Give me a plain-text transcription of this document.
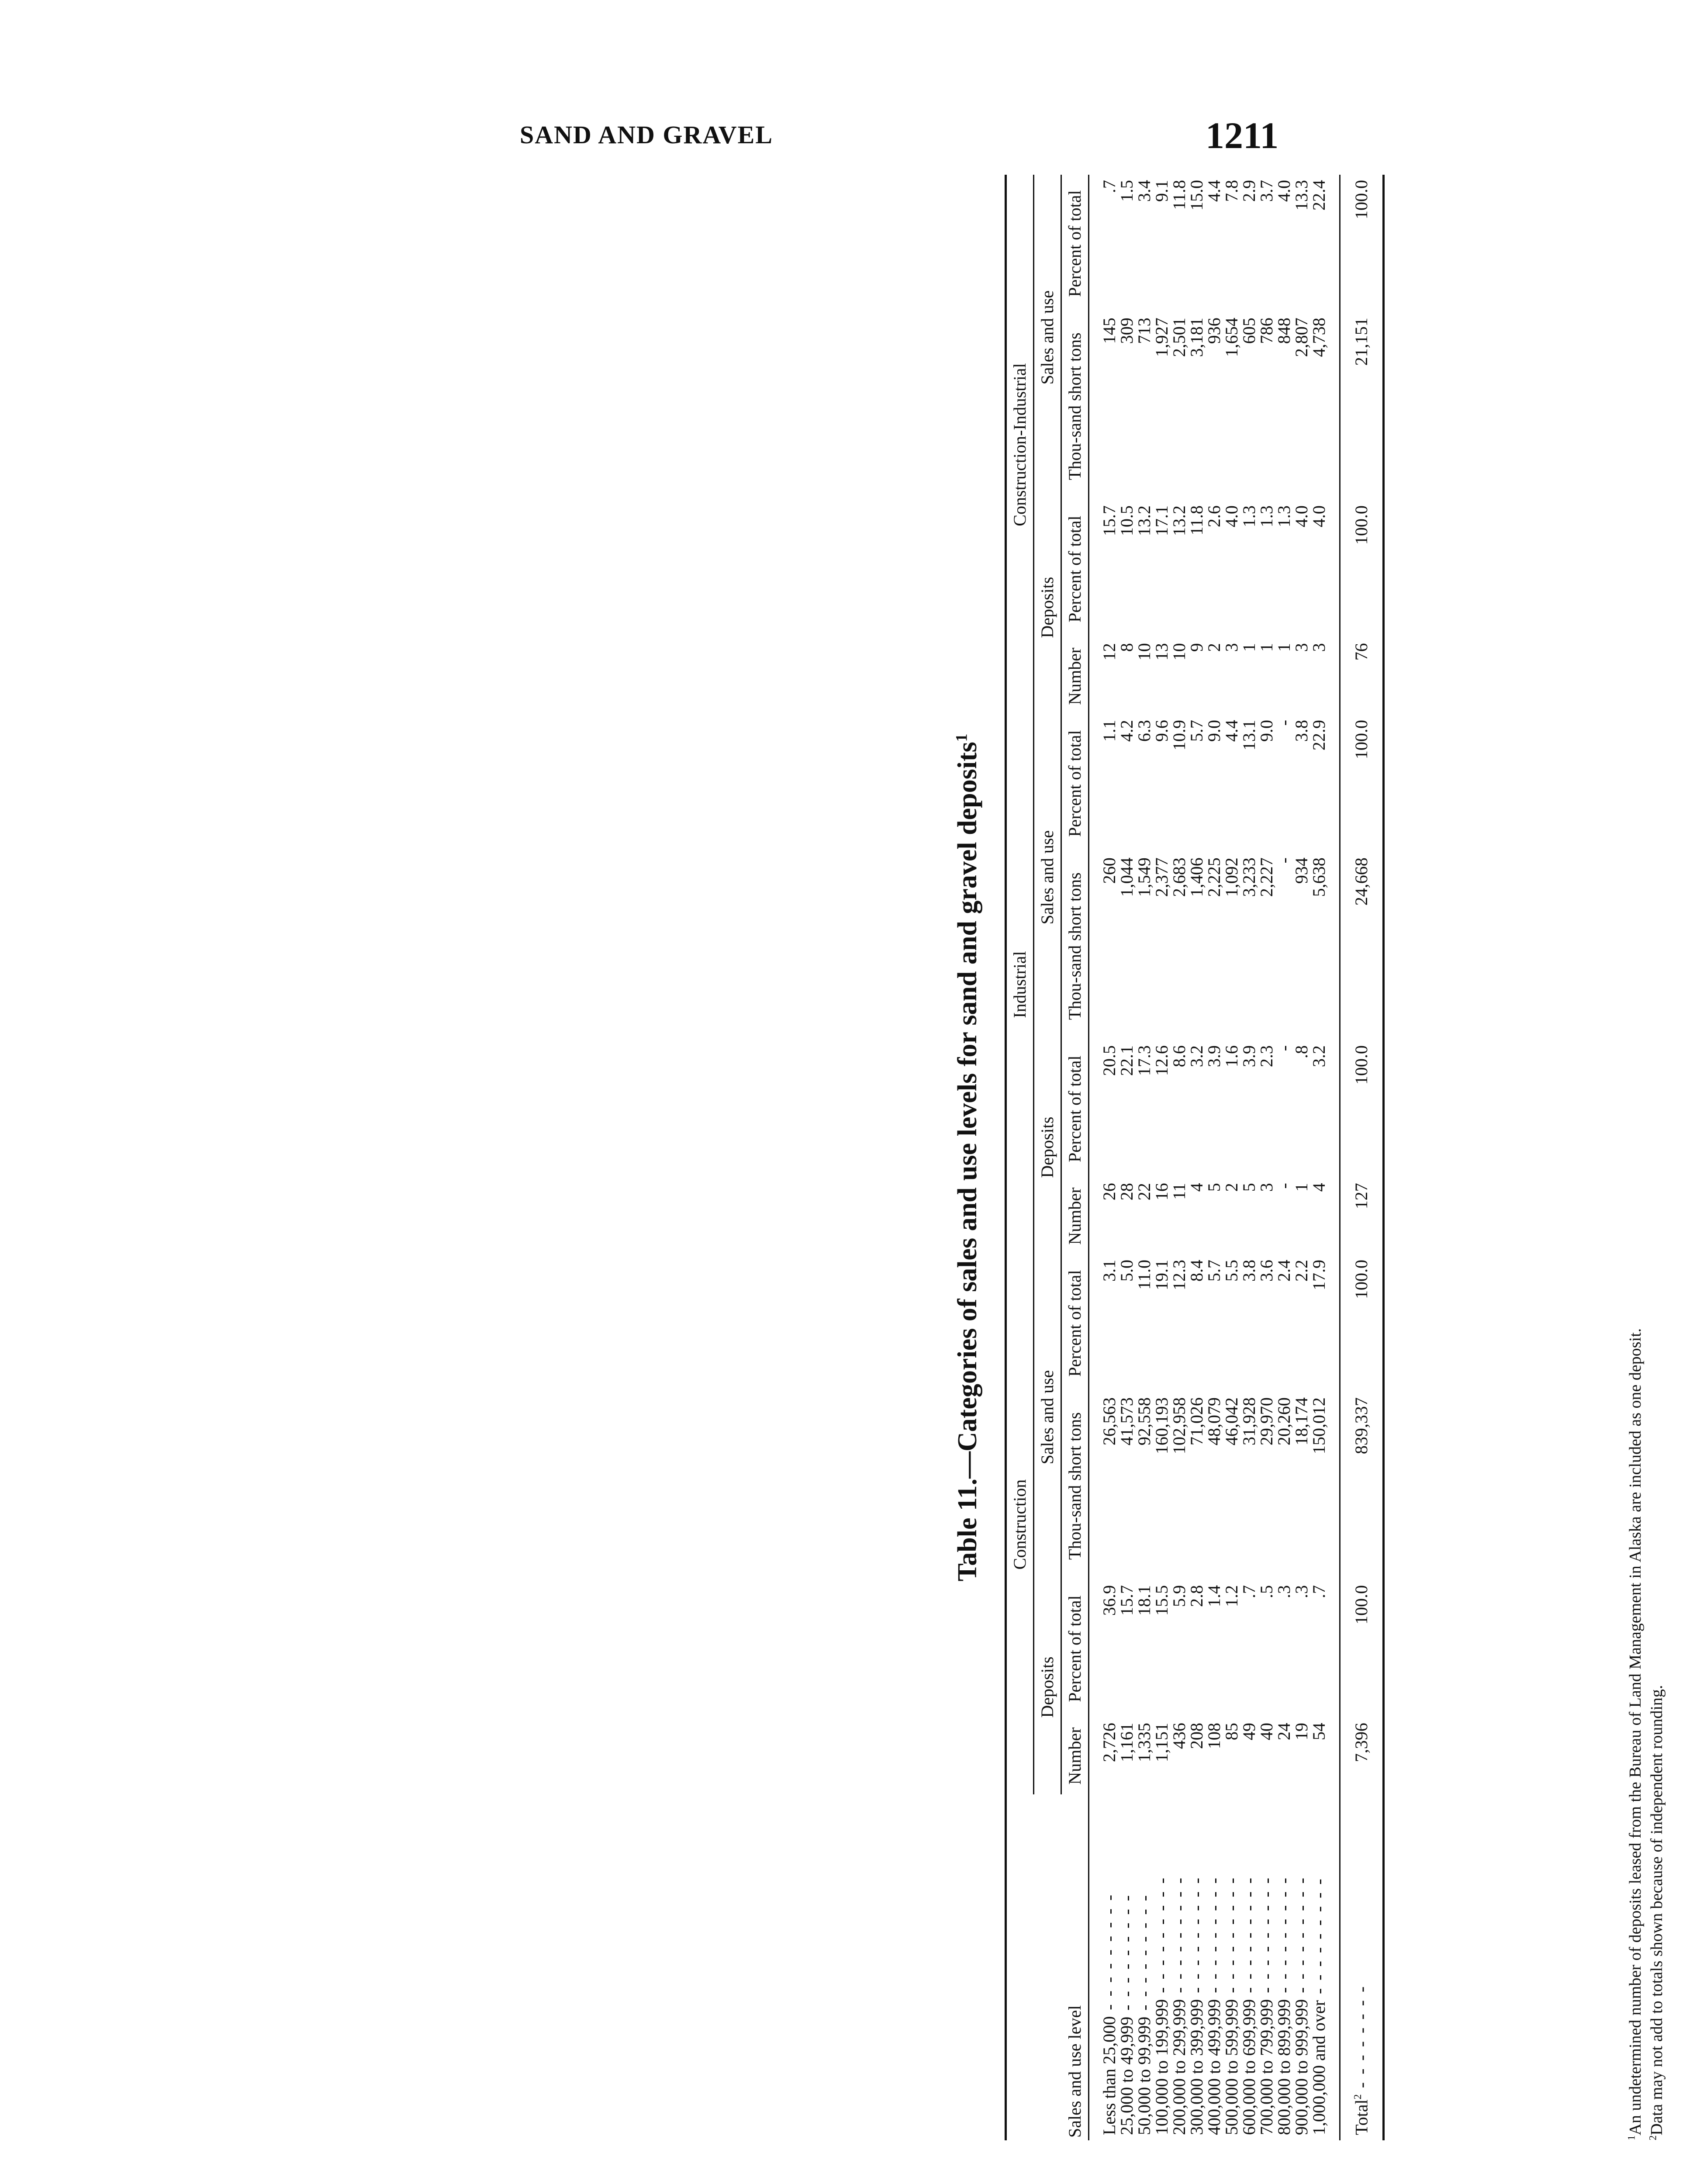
SAND AND GRAVEL	1211
Table 11.—Categories of sales and use levels for sand and gravel deposits$^1$
Sales and use level	Construction				Industrial				Construction-Industrial			
	Deposits		Sales and use		Deposits		Sales and use		Deposits		Sales and use	
	Number	Percent of total	Thou-sand short tons	Percent of total	Number	Percent of total	Thou-sand short tons	Percent of total	Number	Percent of total	Thou-sand short tons	Percent of total
Less than 25,000 - - - - - - - - -	2,726	36.9	26,563	3.1	26	20.5	260	1.1	12	15.7	145	.7
25,000 to 49,999 - - - - - - - - -	1,161	15.7	41,573	5.0	28	22.1	1,044	4.2	8	10.5	309	1.5
50,000 to 99,999 - - - - - - - - -	1,335	18.1	92,558	11.0	22	17.3	1,549	6.3	10	13.2	713	3.4
100,000 to 199,999 - - - - - - - - -	1,151	15.5	160,193	19.1	16	12.6	2,377	9.6	13	17.1	1,927	9.1
200,000 to 299,999 - - - - - - - - -	436	5.9	102,958	12.3	11	8.6	2,683	10.9	10	13.2	2,501	11.8
300,000 to 399,999 - - - - - - - - -	208	2.8	71,026	8.4	4	3.2	1,406	5.7	9	11.8	3,181	15.0
400,000 to 499,999 - - - - - - - - -	108	1.4	48,079	5.7	5	3.9	2,225	9.0	2	2.6	936	4.4
500,000 to 599,999 - - - - - - - - -	85	1.2	46,042	5.5	2	1.6	1,092	4.4	3	4.0	1,654	7.8
600,000 to 699,999 - - - - - - - - -	49	.7	31,928	3.8	5	3.9	3,233	13.1	1	1.3	605	2.9
700,000 to 799,999 - - - - - - - - -	40	.5	29,970	3.6	3	2.3	2,227	9.0	1	1.3	786	3.7
800,000 to 899,999 - - - - - - - - -	24	.3	20,260	2.4	-	-	-	-	1	1.3	848	4.0
900,000 to 999,999 - - - - - - - - -	19	.3	18,174	2.2	1	.8	934	3.8	3	4.0	2,807	13.3
1,000,000 and over - - - - - - - - -	54	.7	150,012	17.9	4	3.2	5,638	22.9	3	4.0	4,738	22.4
Total$^2$ - - - - - - - -	7,396	100.0	839,337	100.0	127	100.0	24,668	100.0	76	100.0	21,151	100.0
$^1$An undetermined number of deposits leased from the Bureau of Land Management in Alaska are included as one deposit.
$^2$Data may not add to totals shown because of independent rounding.
